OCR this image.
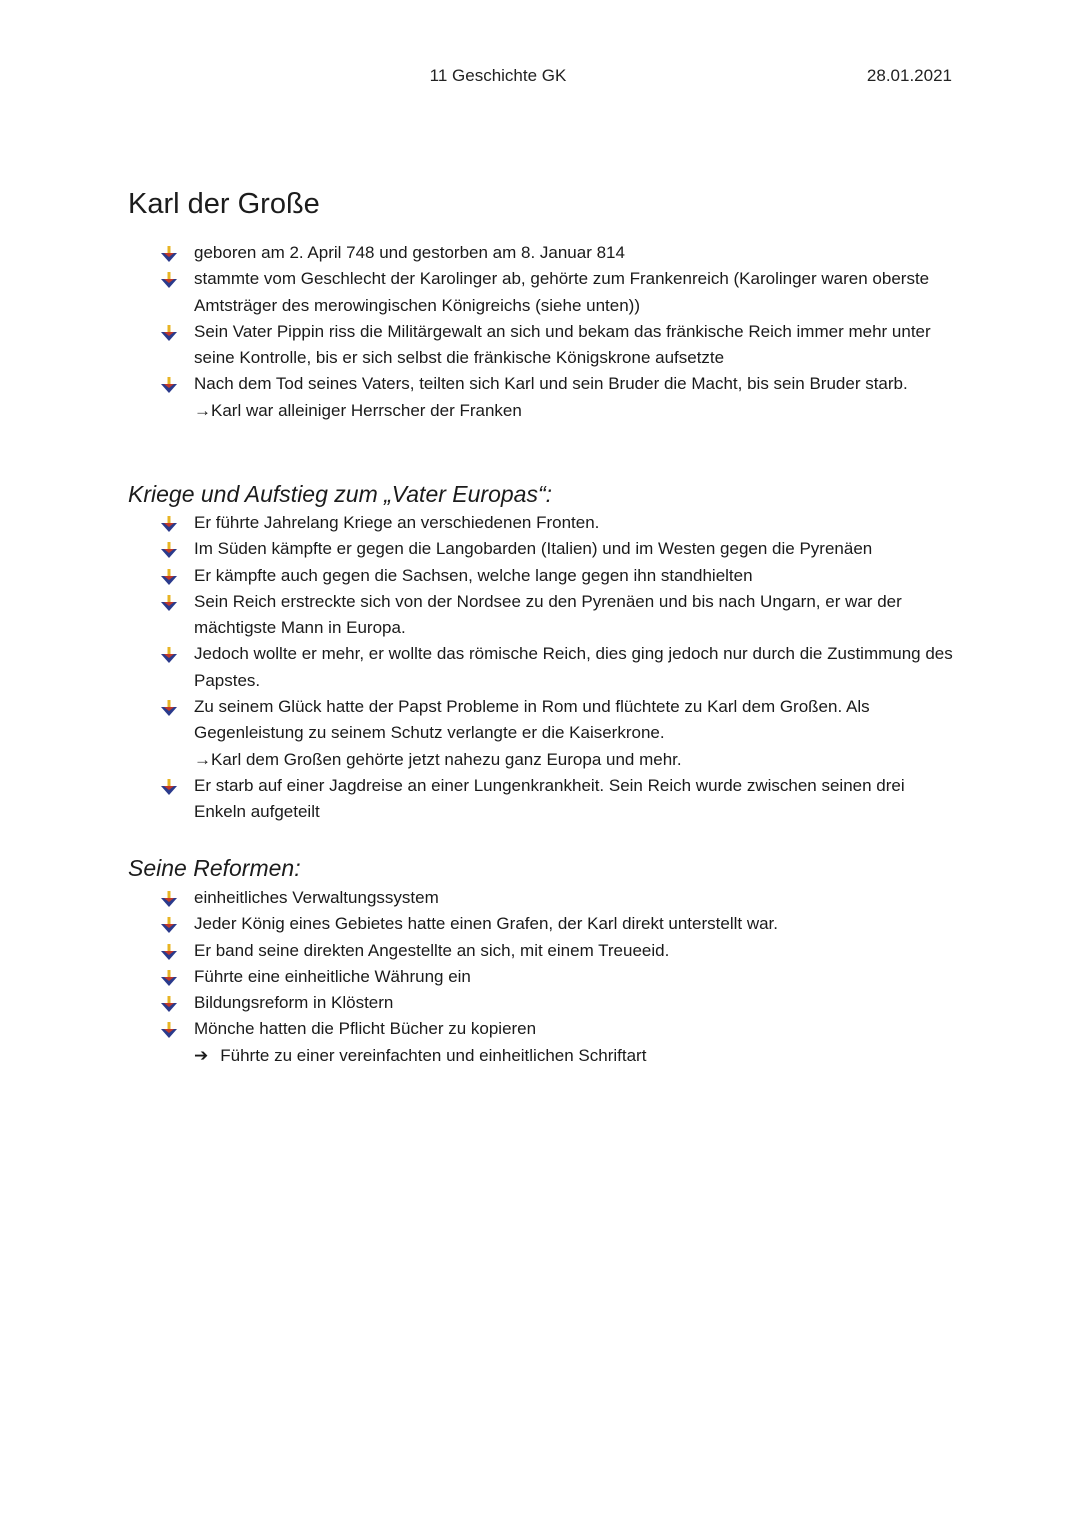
11 Geschichte GK	28.01.2021
Karl der Große
geboren am 2. April 748 und gestorben am 8. Januar 814
stammte vom Geschlecht der Karolinger ab, gehörte zum Frankenreich (Karolinger waren oberste Amtsträger des merowingischen Königreichs (siehe unten))
Sein Vater Pippin riss die Militärgewalt an sich und bekam das fränkische Reich immer mehr unter seine Kontrolle, bis er sich selbst die fränkische Königskrone aufsetzte
Nach dem Tod seines Vaters, teilten sich Karl und sein Bruder die Macht, bis sein Bruder starb.
→Karl war alleiniger Herrscher der Franken
Kriege und Aufstieg zum „Vater Europas“:
Er führte Jahrelang Kriege an verschiedenen Fronten.
Im Süden kämpfte er gegen die Langobarden (Italien) und im Westen gegen die Pyrenäen
Er kämpfte auch gegen die Sachsen, welche lange gegen ihn standhielten
Sein Reich erstreckte sich von der Nordsee zu den Pyrenäen und bis nach Ungarn, er war der mächtigste Mann in Europa.
Jedoch wollte er mehr, er wollte das römische Reich, dies ging jedoch nur durch die Zustimmung des Papstes.
Zu seinem Glück hatte der Papst Probleme in Rom und flüchtete zu Karl dem Großen. Als Gegenleistung zu seinem Schutz verlangte er die Kaiserkrone.
→Karl dem Großen gehörte jetzt nahezu ganz Europa und mehr.
Er starb auf einer Jagdreise an einer Lungenkrankheit. Sein Reich wurde zwischen seinen drei Enkeln aufgeteilt
Seine Reformen:
einheitliches Verwaltungssystem
Jeder König eines Gebietes hatte einen Grafen, der Karl direkt unterstellt war.
Er band seine direkten Angestellte an sich, mit einem Treueeid.
Führte eine einheitliche Währung ein
Bildungsreform in Klöstern
Mönche hatten die Pflicht Bücher zu kopieren
➔ Führte zu einer vereinfachten und einheitlichen Schriftart
